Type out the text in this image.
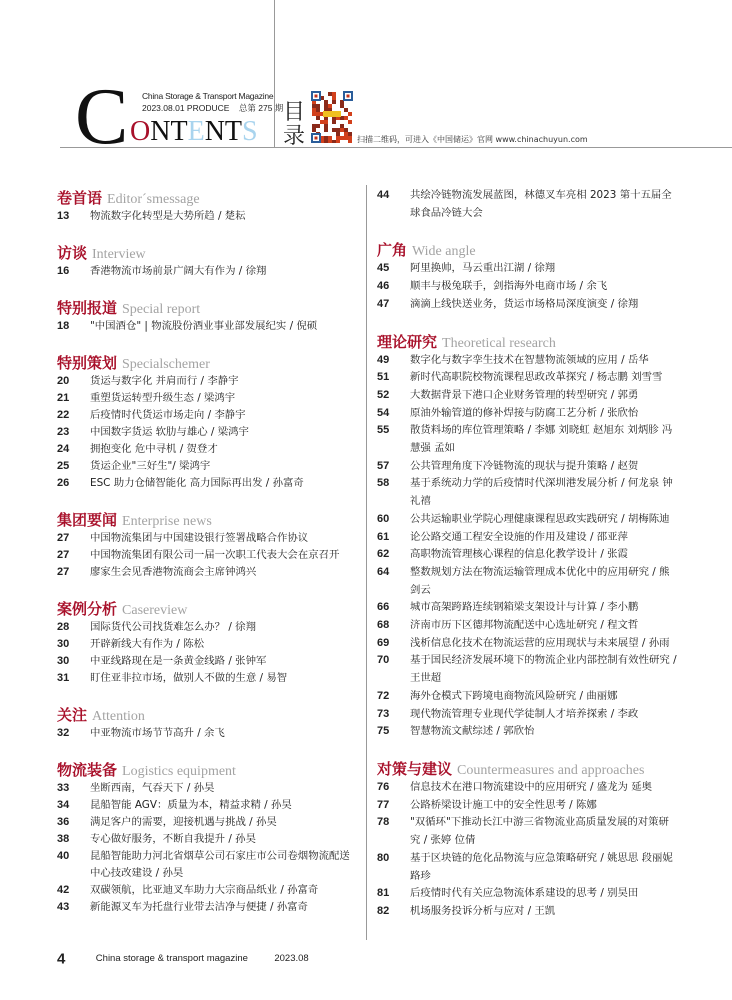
C ONTENTS
China Storage & Transport Magazine
2023.08.01 PRODUCE 总第 275 期 目录	扫描二维码，可进入《中国储运》官网 www.chinachuyun.com
卷首语 Editor´smessage
13	物流数字化转型是大势所趋 / 楚耘
访谈 Interview
16	香港物流市场前景广阔大有作为 / 徐翔
特别报道 Special report
18	"中国酒仓" | 物流股份酒业事业部发展纪实 / 倪硕
特别策划 Specialschemer
20	货运与数字化 并肩而行 / 李静宇
21	重塑货运转型升级生态 / 梁鸿宇
22	后疫情时代货运市场走向 / 李静宇
23	中国数字货运 软肋与雄心 / 梁鸿宇
24	拥抱变化 危中寻机 / 贺登才
25	货运企业"三好生"/ 梁鸿宇
26	ESC 助力仓储智能化 高力国际再出发 / 孙富奇
集团要闻 Enterprise news
27	中国物流集团与中国建设银行签署战略合作协议
27	中国物流集团有限公司一届一次职工代表大会在京召开
27	廖家生会见香港物流商会主席钟鸿兴
案例分析 Casereview
28	国际货代公司找货难怎么办？ / 徐翔
30	开辟新线大有作为 / 陈松
30	中亚线路现在是一条黄金线路 / 张钟军
31	盯住亚非拉市场，做别人不做的生意 / 易智
关注 Attention
32	中亚物流市场节节高升 / 余飞
物流装备 Logistics equipment
33	坐断西南，气吞天下 / 孙昊
34	昆船智能 AGV：质量为本，精益求精 / 孙昊
36	满足客户的需要，迎接机遇与挑战 / 孙昊
38	专心做好服务，不断自我提升 / 孙昊
40	昆船智能助力河北省烟草公司石家庄市公司卷烟物流配送中心技改建设 / 孙昊
42	双碳领航，比亚迪叉车助力大宗商品纸业 / 孙富奇
43	新能源叉车为托盘行业带去洁净与便捷 / 孙富奇
44	共绘冷链物流发展蓝图，林德叉车亮相 2023 第十五届全球食品冷链大会
广角 Wide angle
45	阿里换帅，马云重出江湖 / 徐翔
46	顺丰与极兔联手，剑指海外电商市场 / 余飞
47	滴滴上线快送业务，货运市场格局深度演变 / 徐翔
理论研究 Theoretical research
49	数字化与数字孪生技术在智慧物流领域的应用 / 岳华
51	新时代高职院校物流课程思政改革探究 / 杨志鹏 刘雪雪
52	大数据背景下港口企业财务管理的转型研究 / 郭勇
54	原油外输管道的修补焊接与防腐工艺分析 / 张欣怡
55	散货料场的库位管理策略 / 李娜 刘晓虹 赵旭东 刘炳胗 冯慧强 孟如
57	公共管理角度下冷链物流的现状与提升策略 / 赵贺
58	基于系统动力学的后疫情时代深圳港发展分析 / 何龙泉 钟礼禧
60	公共运输职业学院心理健康课程思政实践研究 / 胡梅陈迪
61	论公路交通工程安全设施的作用及建设 / 邵亚萍
62	高职物流管理核心课程的信息化教学设计 / 张霞
64	整数规划方法在物流运输管理成本优化中的应用研究 / 熊剑云
66	城市高架跨路连续钢箱梁支架设计与计算 / 李小鹏
68	济南市历下区德邦物流配送中心选址研究 / 程文哲
69	浅析信息化技术在物流运营的应用现状与未来展望 / 孙雨
70	基于国民经济发展环境下的物流企业内部控制有效性研究 / 王世超
72	海外仓模式下跨境电商物流风险研究 / 曲丽娜
73	现代物流管理专业现代学徒制人才培养探索 / 李政
75	智慧物流文献综述 / 郭欣怡
对策与建议 Countermeasures and approaches
76	信息技术在港口物流建设中的应用研究 / 盛龙为 延奥
77	公路桥梁设计施工中的安全性思考 / 陈娜
78	"双循环"下推动长江中游三省物流业高质量发展的对策研究 / 张婷 位倩
80	基于区块链的危化品物流与应急策略研究 / 姚思思 段丽妮 路珍
81	后疫情时代有关应急物流体系建设的思考 / 别昊田
82	机场服务投诉分析与应对 / 王凯
4	China storage & transport magazine	2023.08
